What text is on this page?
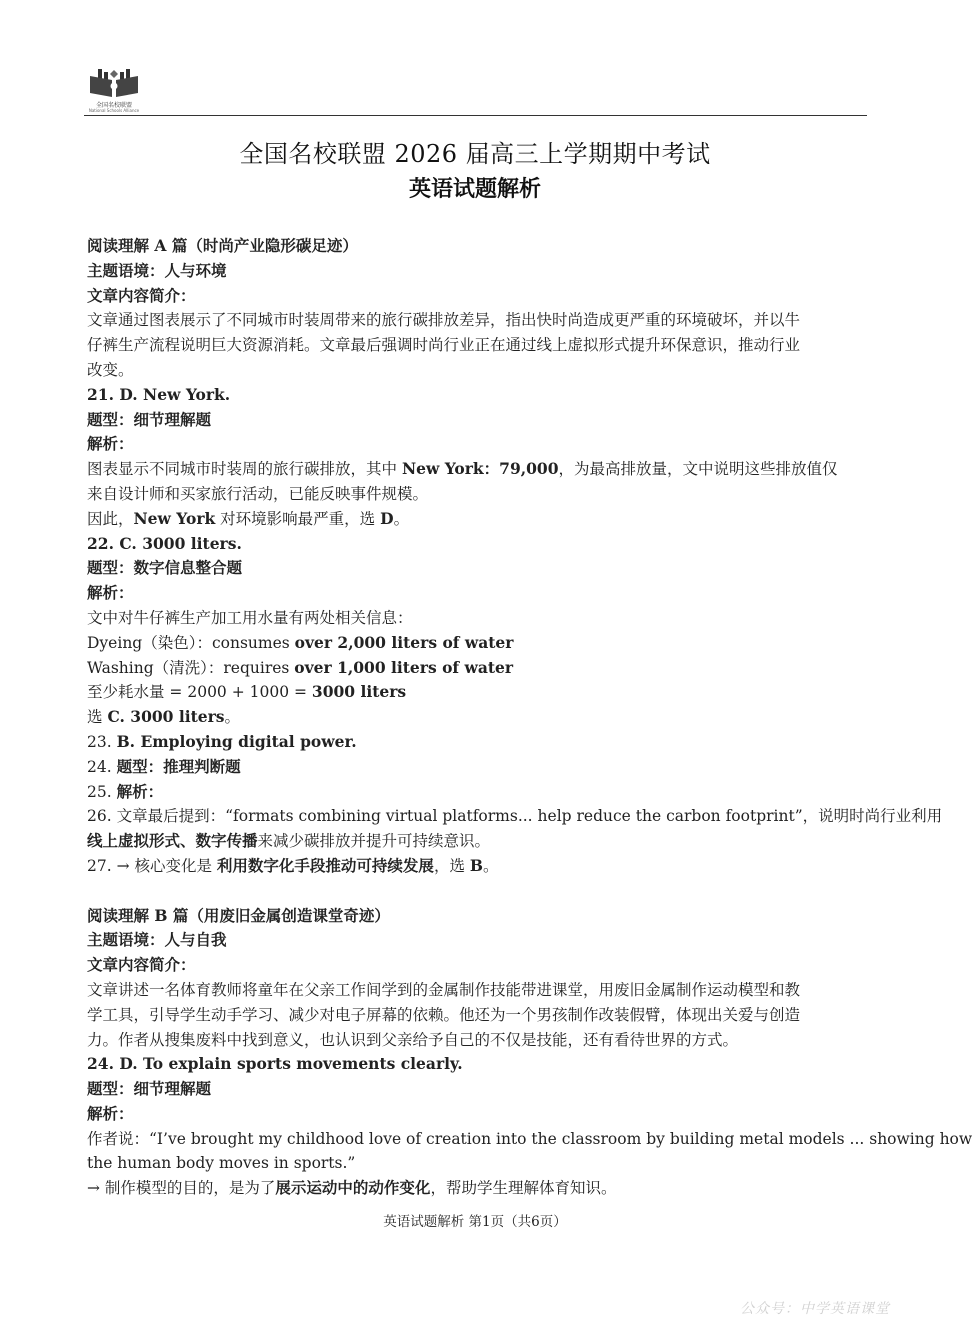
全国名校联盟
National Schools Alliance
全国名校联盟 2026 届高三上学期期中考试
英语试题解析
阅读理解 A 篇（时尚产业隐形碳足迹）
主题语境：人与环境
文章内容简介：
文章通过图表展示了不同城市时装周带来的旅行碳排放差异，指出快时尚造成更严重的环境破坏，并以牛
仔裤生产流程说明巨大资源消耗。文章最后强调时尚行业正在通过线上虚拟形式提升环保意识，推动行业
改变。
21. D. New York.
题型：细节理解题
解析：
图表显示不同城市时装周的旅行碳排放，其中 New York：79,000，为最高排放量，文中说明这些排放值仅
来自设计师和买家旅行活动，已能反映事件规模。
因此，New York 对环境影响最严重，选 D。
22. C. 3000 liters.
题型：数字信息整合题
解析：
文中对牛仔裤生产加工用水量有两处相关信息：
Dyeing（染色）：consumes over 2,000 liters of water
Washing（清洗）：requires over 1,000 liters of water
至少耗水量 = 2000 + 1000 = 3000 liters
选 C. 3000 liters。
23. B. Employing digital power.
24. 题型：推理判断题
25. 解析：
26. 文章最后提到：“formats combining virtual platforms... help reduce the carbon footprint”，说明时尚行业利用
线上虚拟形式、数字传播来减少碳排放并提升可持续意识。
27. → 核心变化是 利用数字化手段推动可持续发展，选 B。
阅读理解 B 篇（用废旧金属创造课堂奇迹）
主题语境：人与自我
文章内容简介：
文章讲述一名体育教师将童年在父亲工作间学到的金属制作技能带进课堂，用废旧金属制作运动模型和教
学工具，引导学生动手学习、减少对电子屏幕的依赖。他还为一个男孩制作改装假臂，体现出关爱与创造
力。作者从搜集废料中找到意义，也认识到父亲给予自己的不仅是技能，还有看待世界的方式。
24. D. To explain sports movements clearly.
题型：细节理解题
解析：
作者说：“I’ve brought my childhood love of creation into the classroom by building metal models ... showing how
the human body moves in sports.”
→ 制作模型的目的，是为了展示运动中的动作变化，帮助学生理解体育知识。
英语试题解析 第1页（共6页）
公众号：中学英语课堂
